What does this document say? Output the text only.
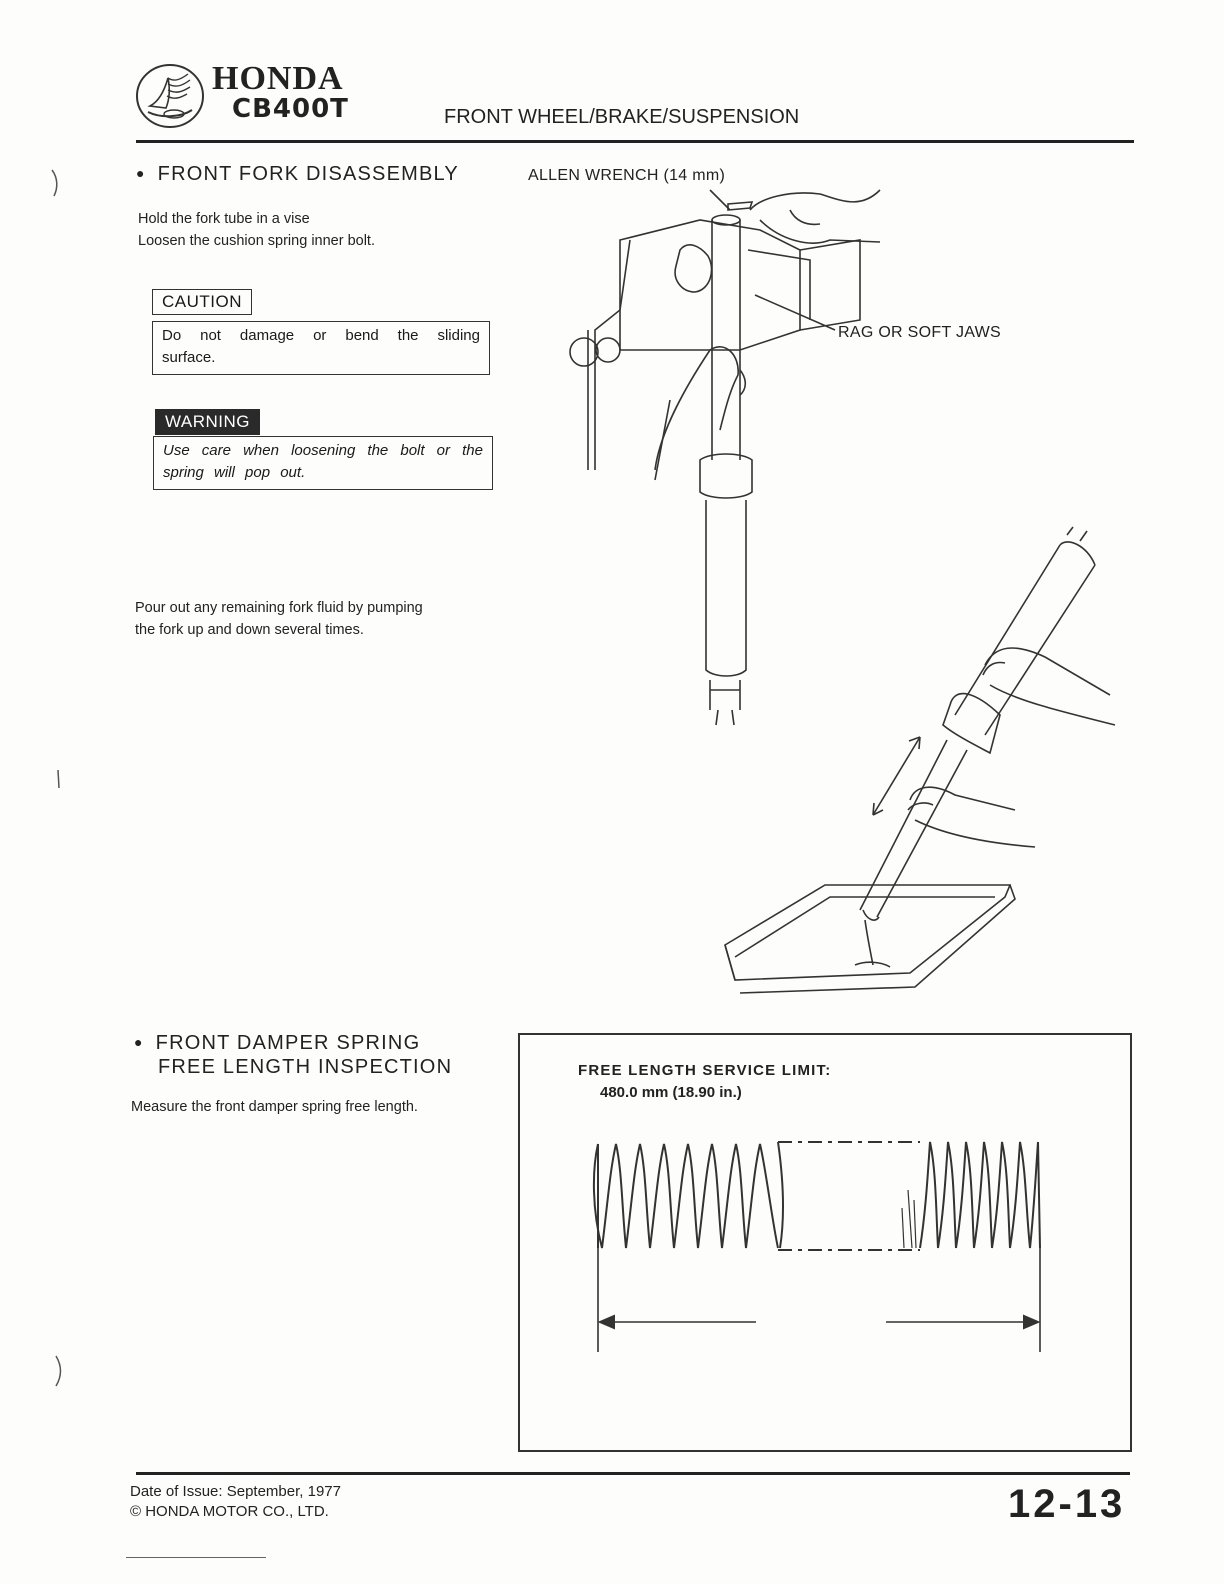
HONDA
CB400T	FRONT WHEEL/BRAKE/SUSPENSION
● FRONT FORK DISASSEMBLY
Hold the fork tube in a vise
Loosen the cushion spring inner bolt.
CAUTION
Do not damage or bend the sliding surface.
WARNING
Use care when loosening the bolt or the spring will pop out.
Pour out any remaining fork fluid by pumping
the fork up and down several times.
ALLEN WRENCH (14 mm)
RAG OR SOFT JAWS
● FRONT DAMPER SPRING
FREE LENGTH INSPECTION
Measure the front damper spring free length.
FREE LENGTH SERVICE LIMIT:
480.0 mm (18.90 in.)
Date of Issue: September, 1977
© HONDA MOTOR CO., LTD.	12-13
